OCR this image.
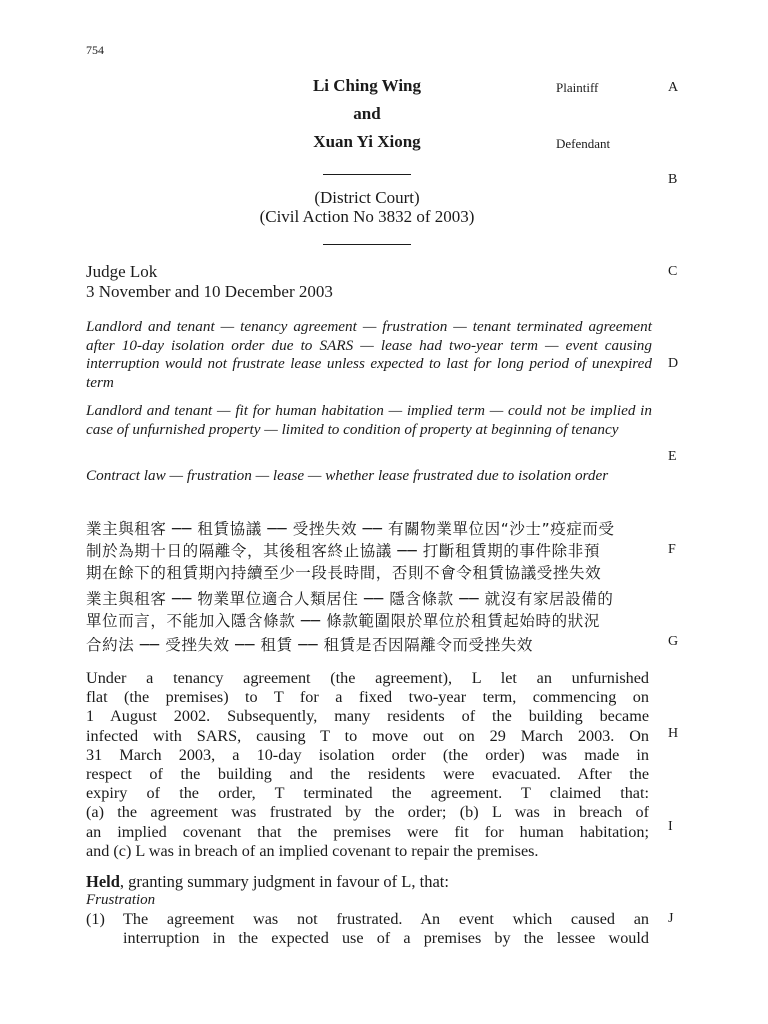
754
Li Ching Wing	Plaintiff
and
Xuan Yi Xiong	Defendant
(District Court)
(Civil Action No 3832 of 2003)
Judge Lok
3 November and 10 December 2003
Landlord and tenant — tenancy agreement — frustration — tenant terminated agreement after 10-day isolation order due to SARS — lease had two-year term — event causing interruption would not frustrate lease unless expected to last for long period of unexpired term
Landlord and tenant — fit for human habitation — implied term — could not be implied in case of unfurnished property — limited to condition of property at beginning of tenancy
Contract law — frustration — lease — whether lease frustrated due to isolation order
業主與租客 ── 租賃協議 ── 受挫失效 ── 有關物業單位因“沙士”疫症而受
制於為期十日的隔離令，其後租客終止協議 ── 打斷租賃期的事件除非預
期在餘下的租賃期內持續至少一段長時間，否則不會令租賃協議受挫失效
業主與租客 ── 物業單位適合人類居住 ── 隱含條款 ── 就沒有家居設備的
單位而言，不能加入隱含條款 ── 條款範圍限於單位於租賃起始時的狀況
合約法 ── 受挫失效 ── 租賃 ── 租賃是否因隔離令而受挫失效
Under a tenancy agreement (the agreement), L let an unfurnished
flat (the premises) to T for a fixed two-year term, commencing on
1 August 2002. Subsequently, many residents of the building became
infected with SARS, causing T to move out on 29 March 2003. On
31 March 2003, a 10-day isolation order (the order) was made in
respect of the building and the residents were evacuated. After the
expiry of the order, T terminated the agreement. T claimed that:
(a) the agreement was frustrated by the order; (b) L was in breach of
an implied covenant that the premises were fit for human habitation;
and (c) L was in breach of an implied covenant to repair the premises.
Held, granting summary judgment in favour of L, that:
Frustration
(1) The agreement was not frustrated. An event which caused an
interruption in the expected use of a premises by the lessee would
A
B
C
D
E
F
G
H
I
J
